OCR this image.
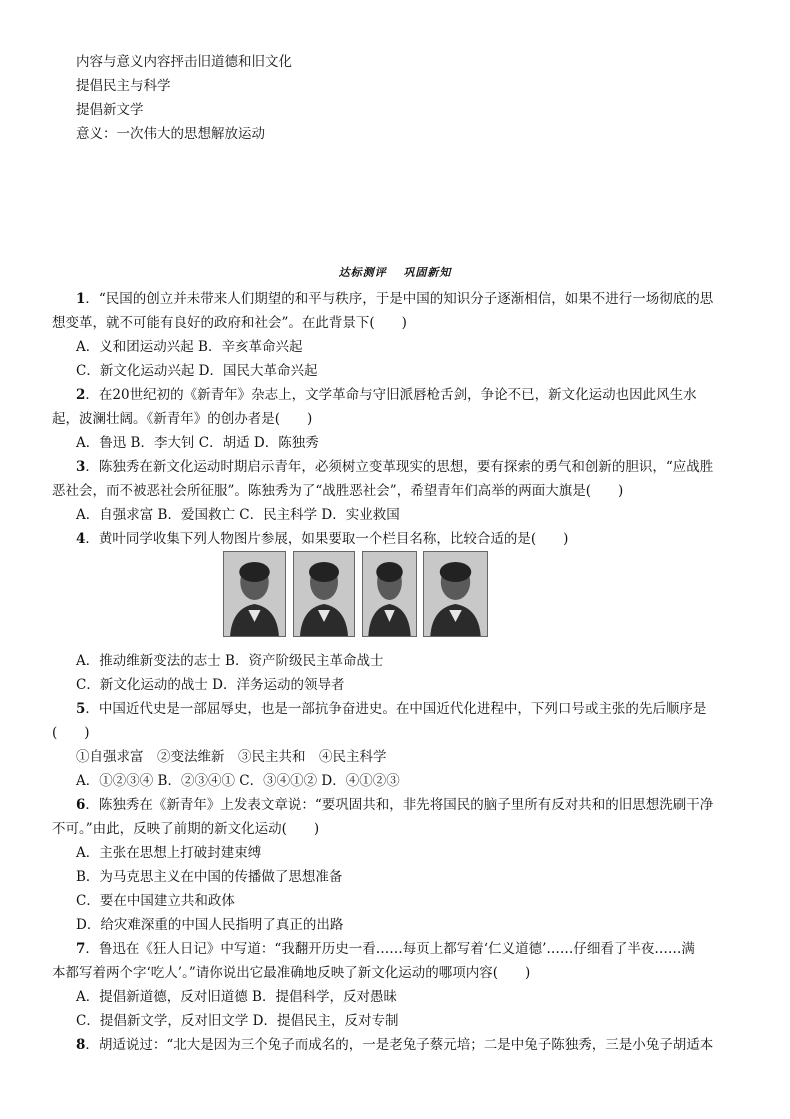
内容与意义内容抨击旧道德和旧文化
提倡民主与科学
提倡新文学
意义：一次伟大的思想解放运动
达标测评 巩固新知
1．“民国的创立并未带来人们期望的和平与秩序，于是中国的知识分子逐渐相信，如果不进行一场彻底的思
想变革，就不可能有良好的政府和社会”。在此背景下(　　)
A．义和团运动兴起 B．辛亥革命兴起
C．新文化运动兴起 D．国民大革命兴起
2．在20世纪初的《新青年》杂志上，文学革命与守旧派唇枪舌剑，争论不已，新文化运动也因此风生水
起，波澜壮阔。《新青年》的创办者是(　　)
A．鲁迅 B．李大钊 C．胡适 D．陈独秀
3．陈独秀在新文化运动时期启示青年，必须树立变革现实的思想，要有探索的勇气和创新的胆识，“应战胜
恶社会，而不被恶社会所征服”。陈独秀为了“战胜恶社会”，希望青年们高举的两面大旗是(　　)
A．自强求富 B．爱国救亡 C．民主科学 D．实业救国
4．黄叶同学收集下列人物图片参展，如果要取一个栏目名称，比较合适的是(　　)
A．推动维新变法的志士 B．资产阶级民主革命战士
C．新文化运动的战士 D．洋务运动的领导者
5．中国近代史是一部屈辱史，也是一部抗争奋进史。在中国近代化进程中，下列口号或主张的先后顺序是
(　　)
①自强求富　②变法维新　③民主共和　④民主科学
A．①②③④ B．②③④① C．③④①② D．④①②③
6．陈独秀在《新青年》上发表文章说：“要巩固共和，非先将国民的脑子里所有反对共和的旧思想洗刷干净
不可。”由此，反映了前期的新文化运动(　　)
A．主张在思想上打破封建束缚
B．为马克思主义在中国的传播做了思想准备
C．要在中国建立共和政体
D．给灾难深重的中国人民指明了真正的出路
7．鲁迅在《狂人日记》中写道：“我翻开历史一看……每页上都写着‘仁义道德’……仔细看了半夜……满
本都写着两个字‘吃人’。”请你说出它最准确地反映了新文化运动的哪项内容(　　)
A．提倡新道德，反对旧道德 B．提倡科学，反对愚昧
C．提倡新文学，反对旧文学 D．提倡民主，反对专制
8．胡适说过：“北大是因为三个兔子而成名的，一是老兔子蔡元培；二是中兔子陈独秀，三是小兔子胡适本
